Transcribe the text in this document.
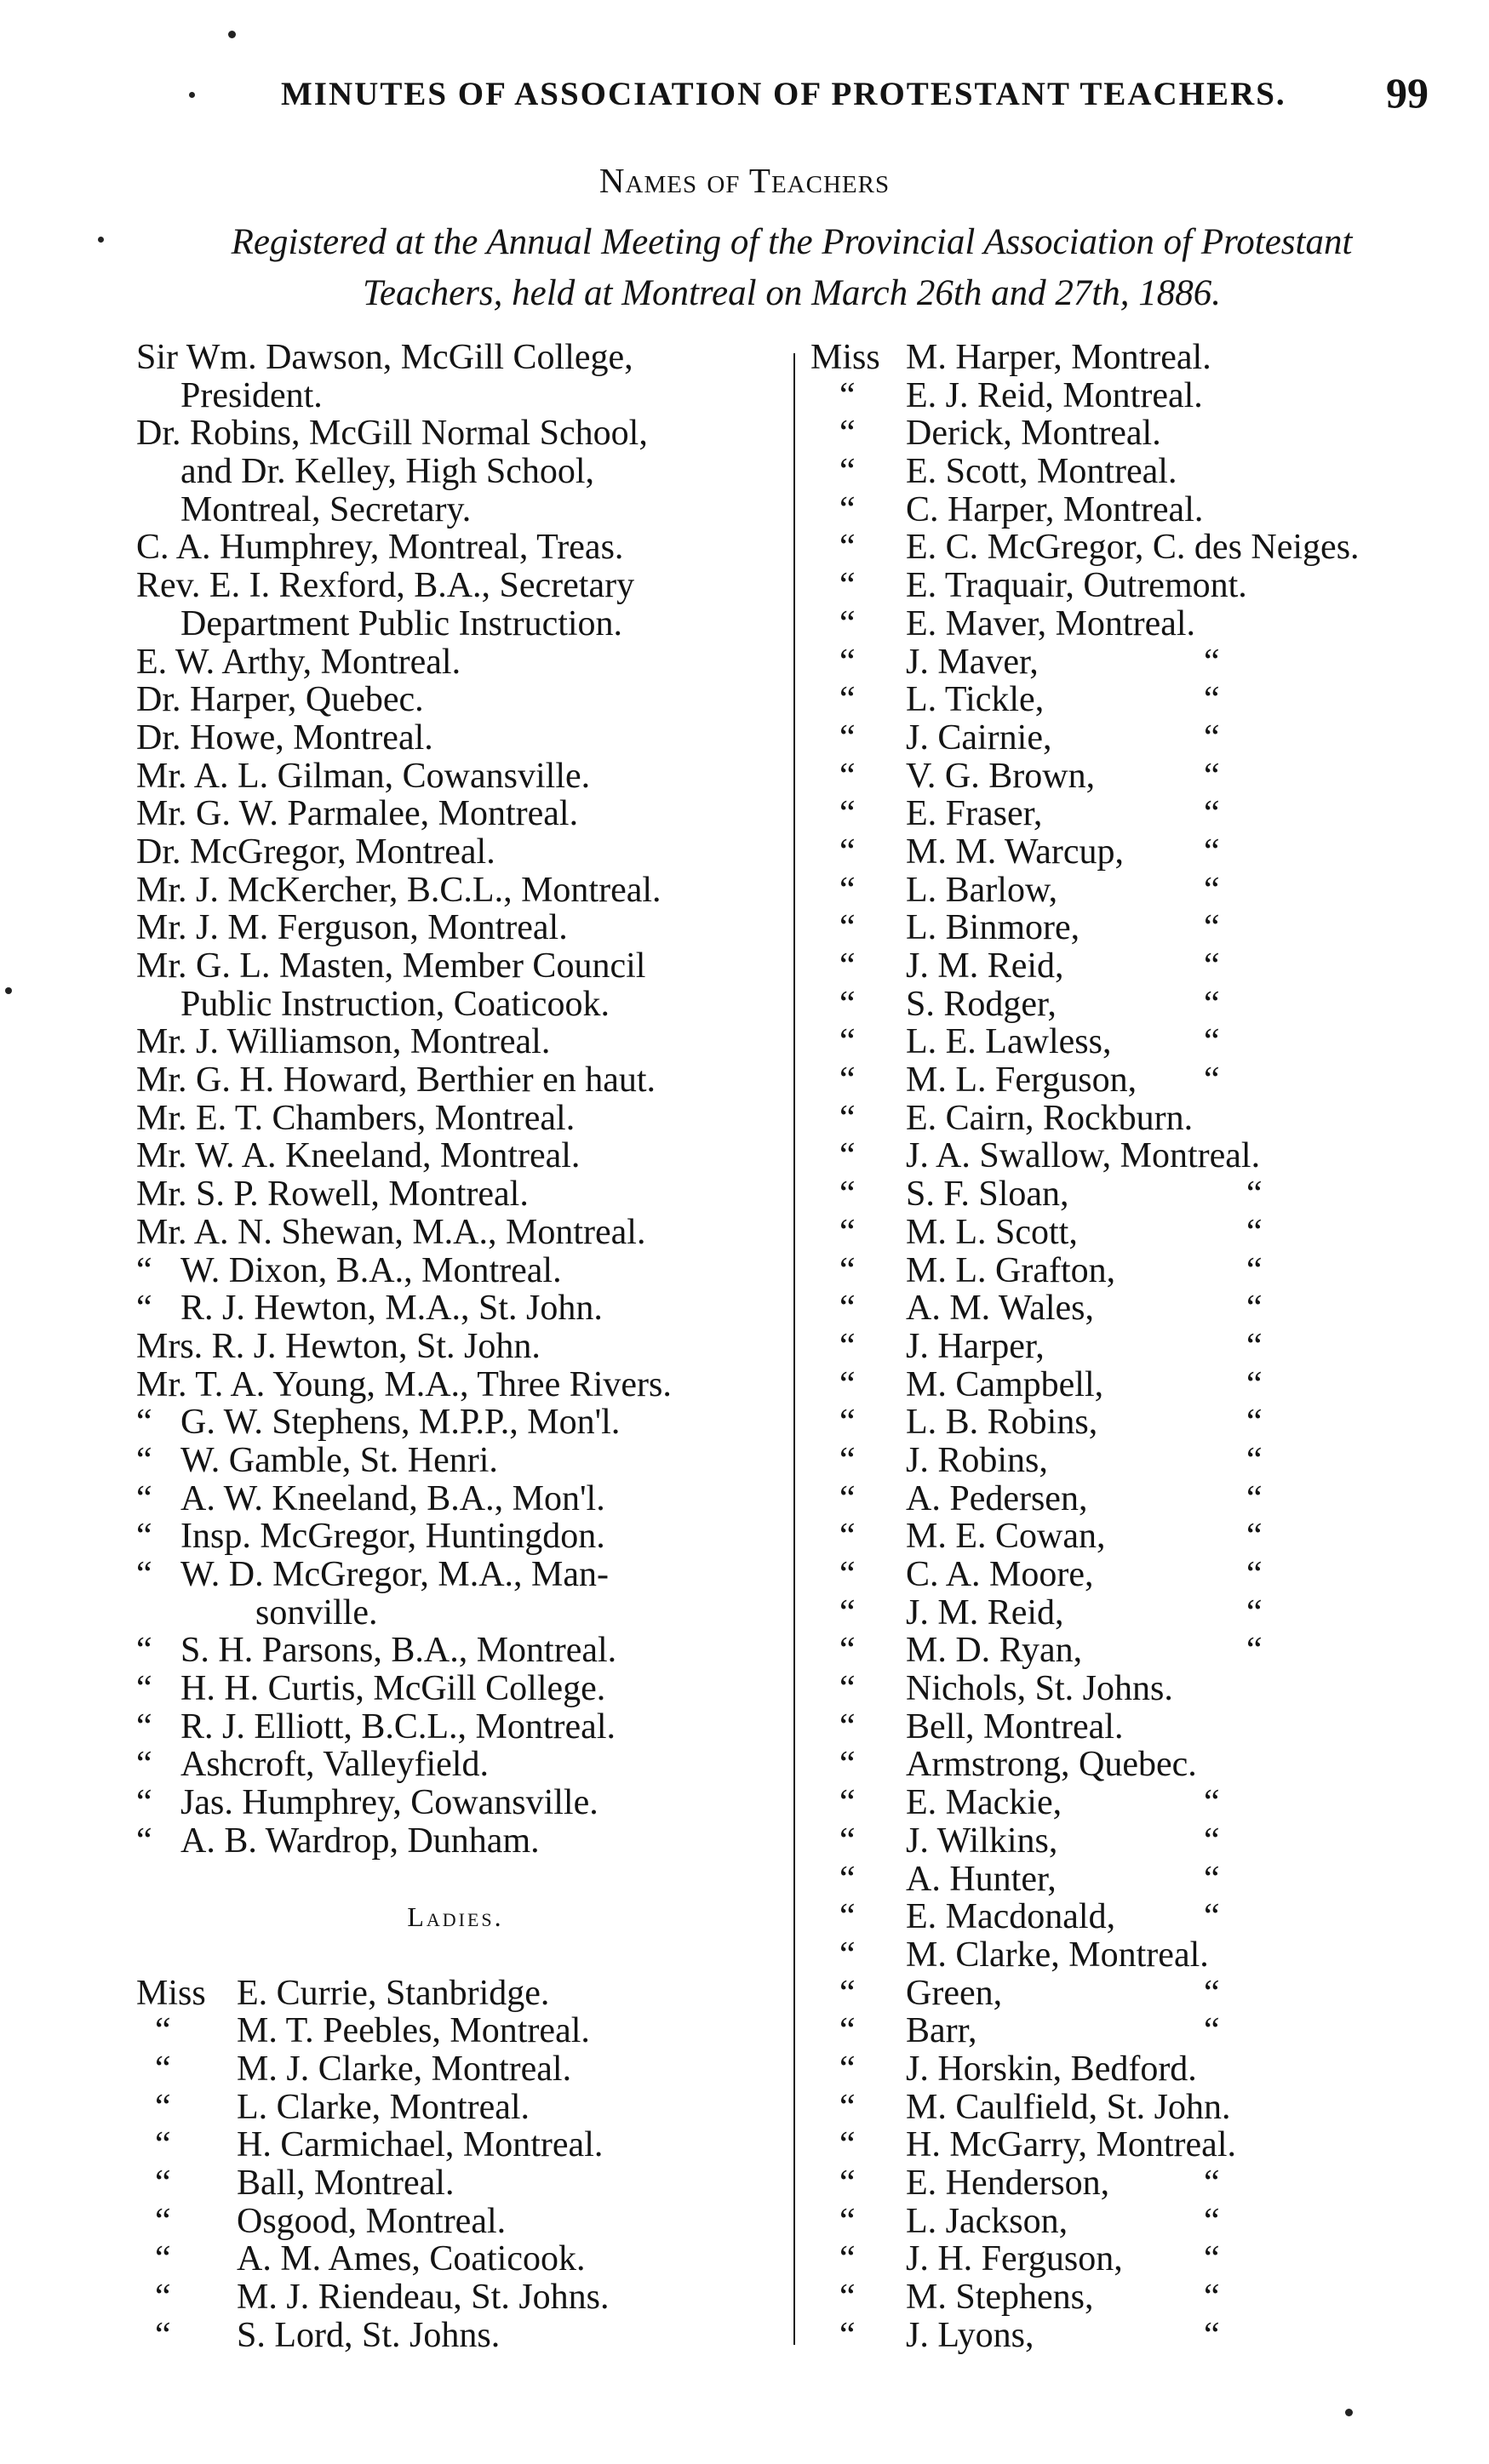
MINUTES OF ASSOCIATION OF PROTESTANT TEACHERS. 99
Names of Teachers
Registered at the Annual Meeting of the Provincial Association of Protestant
Teachers, held at Montreal on March 26th and 27th, 1886.
Sir Wm. Dawson, McGill College,
President.
Dr. Robins, McGill Normal School,
and Dr. Kelley, High School,
Montreal, Secretary.
C. A. Humphrey, Montreal, Treas.
Rev. E. I. Rexford, B.A., Secretary
Department Public Instruction.
E. W. Arthy, Montreal.
Dr. Harper, Quebec.
Dr. Howe, Montreal.
Mr. A. L. Gilman, Cowansville.
Mr. G. W. Parmalee, Montreal.
Dr. McGregor, Montreal.
Mr. J. McKercher, B.C.L., Montreal.
Mr. J. M. Ferguson, Montreal.
Mr. G. L. Masten, Member Council
Public Instruction, Coaticook.
Mr. J. Williamson, Montreal.
Mr. G. H. Howard, Berthier en haut.
Mr. E. T. Chambers, Montreal.
Mr. W. A. Kneeland, Montreal.
Mr. S. P. Rowell, Montreal.
Mr. A. N. Shewan, M.A., Montreal.
“ W. Dixon, B.A., Montreal.
“ R. J. Hewton, M.A., St. John.
Mrs. R. J. Hewton, St. John.
Mr. T. A. Young, M.A., Three Rivers.
“ G. W. Stephens, M.P.P., Mon'l.
“ W. Gamble, St. Henri.
“ A. W. Kneeland, B.A., Mon'l.
“ Insp. McGregor, Huntingdon.
“ W. D. McGregor, M.A., Man-
sonville.
“ S. H. Parsons, B.A., Montreal.
“ H. H. Curtis, McGill College.
“ R. J. Elliott, B.C.L., Montreal.
“ Ashcroft, Valleyfield.
“ Jas. Humphrey, Cowansville.
“ A. B. Wardrop, Dunham.
Ladies.
Miss E. Currie, Stanbridge.
“ M. T. Peebles, Montreal.
“ M. J. Clarke, Montreal.
“ L. Clarke, Montreal.
“ H. Carmichael, Montreal.
“ Ball, Montreal.
“ Osgood, Montreal.
“ A. M. Ames, Coaticook.
“ M. J. Riendeau, St. Johns.
“ S. Lord, St. Johns.
Miss M. Harper, Montreal.
“ E. J. Reid, Montreal.
“ Derick, Montreal.
“ E. Scott, Montreal.
“ C. Harper, Montreal.
“ E. C. McGregor, C. des Neiges.
“ E. Traquair, Outremont.
“ E. Maver, Montreal.
“ J. Maver,	“
“ L. Tickle,	“
“ J. Cairnie,	“
“ V. G. Brown,	“
“ E. Fraser,	“
“ M. M. Warcup, “
“ L. Barlow,	“
“ L. Binmore,	“
“ J. M. Reid,	“
“ S. Rodger,	“
“ L. E. Lawless,	“
“ M. L. Ferguson, “
“ E. Cairn, Rockburn.
“ J. A. Swallow, Montreal.
“ S. F. Sloan,	“
“ M. L. Scott,	“
“ M. L. Grafton,	“
“ A. M. Wales,	“
“ J. Harper,	“
“ M. Campbell,	“
“ L. B. Robins,	“
“ J. Robins,	“
“ A. Pedersen,	“
“ M. E. Cowan,	“
“ C. A. Moore,	“
“ J. M. Reid,	“
“ M. D. Ryan,	“
“ Nichols, St. Johns.
“ Bell, Montreal.
“ Armstrong, Quebec.
“ E. Mackie,	“
“ J. Wilkins,	“
“ A. Hunter,	“
“ E. Macdonald, “
“ M. Clarke, Montreal.
“ Green,	“
“ Barr,	“
“ J. Horskin, Bedford.
“ M. Caulfield, St. John.
“ H. McGarry, Montreal.
“ E. Henderson,	“
“ L. Jackson,	“
“ J. H. Ferguson, “
“ M. Stephens,	“
“ J. Lyons,	“
